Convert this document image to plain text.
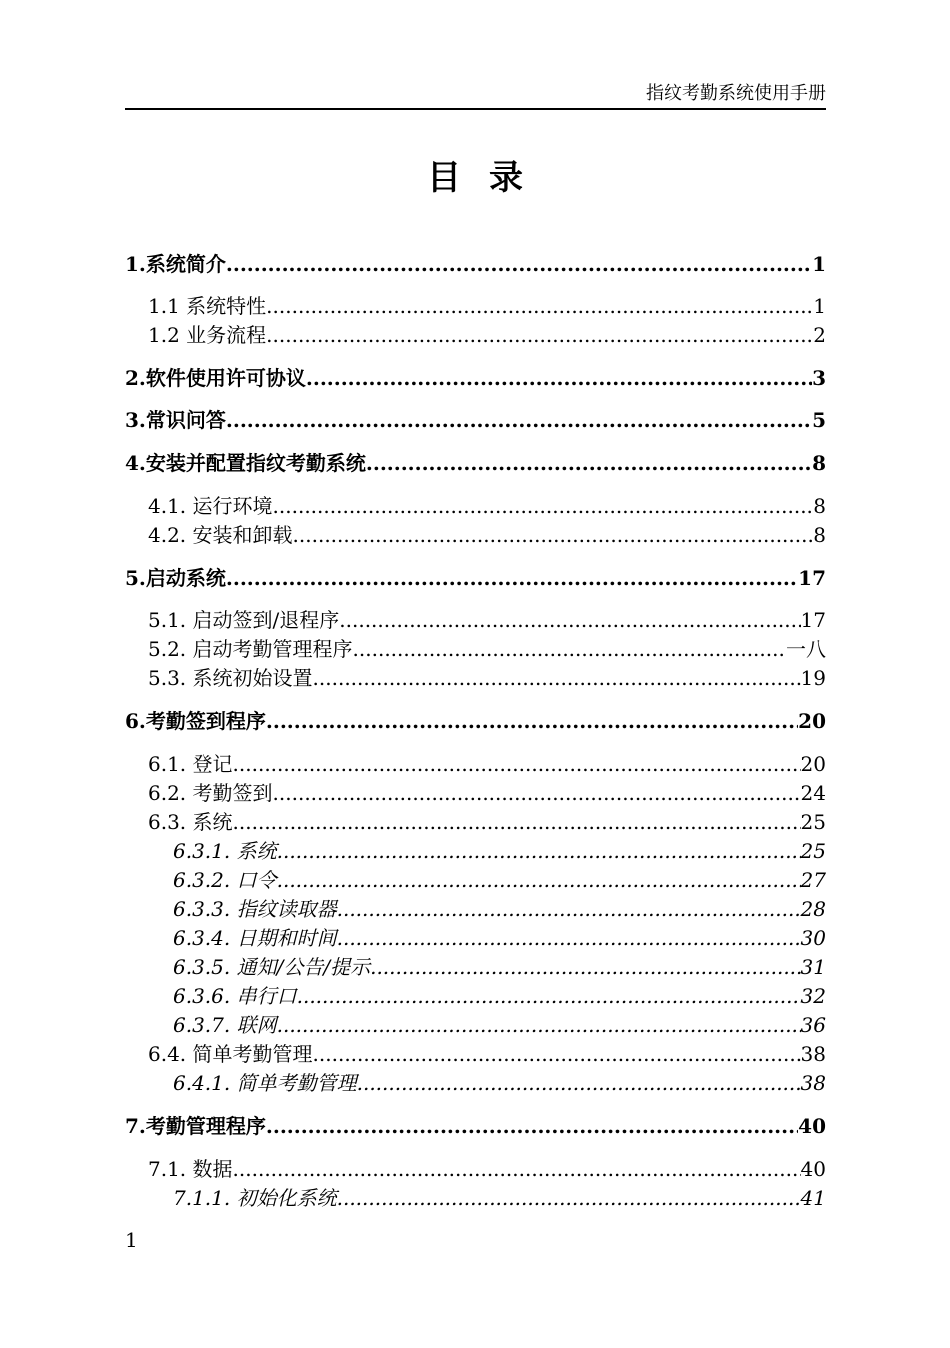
指纹考勤系统使用手册
目录
1.系统简介 .....	1
1.1 系统特性 .....	1
1.2 业务流程 .....	2
2.软件使用许可协议 .....	3
3.常识问答 .....	5
4.安装并配置指纹考勤系统 .....	8
4.1. 运行环境 .....	8
4.2. 安装和卸载 .....	8
5.启动系统 .....	17
5.1. 启动签到/退程序 .....	17
5.2. 启动考勤管理程序 .....	一八
5.3. 系统初始设置 .....	19
6.考勤签到程序 .....	20
6.1. 登记 .....	20
6.2. 考勤签到 .....	24
6.3. 系统 .....	25
6.3.1. 系统 .....	25
6.3.2. 口令 .....	27
6.3.3. 指纹读取器 .....	28
6.3.4. 日期和时间 .....	30
6.3.5. 通知/公告/提示 .....	31
6.3.6. 串行口 .....	32
6.3.7. 联网 .....	36
6.4. 简单考勤管理 .....	38
6.4.1. 简单考勤管理 .....	38
7.考勤管理程序 .....	40
7.1. 数据 .....	40
7.1.1. 初始化系统 .....	41
1
